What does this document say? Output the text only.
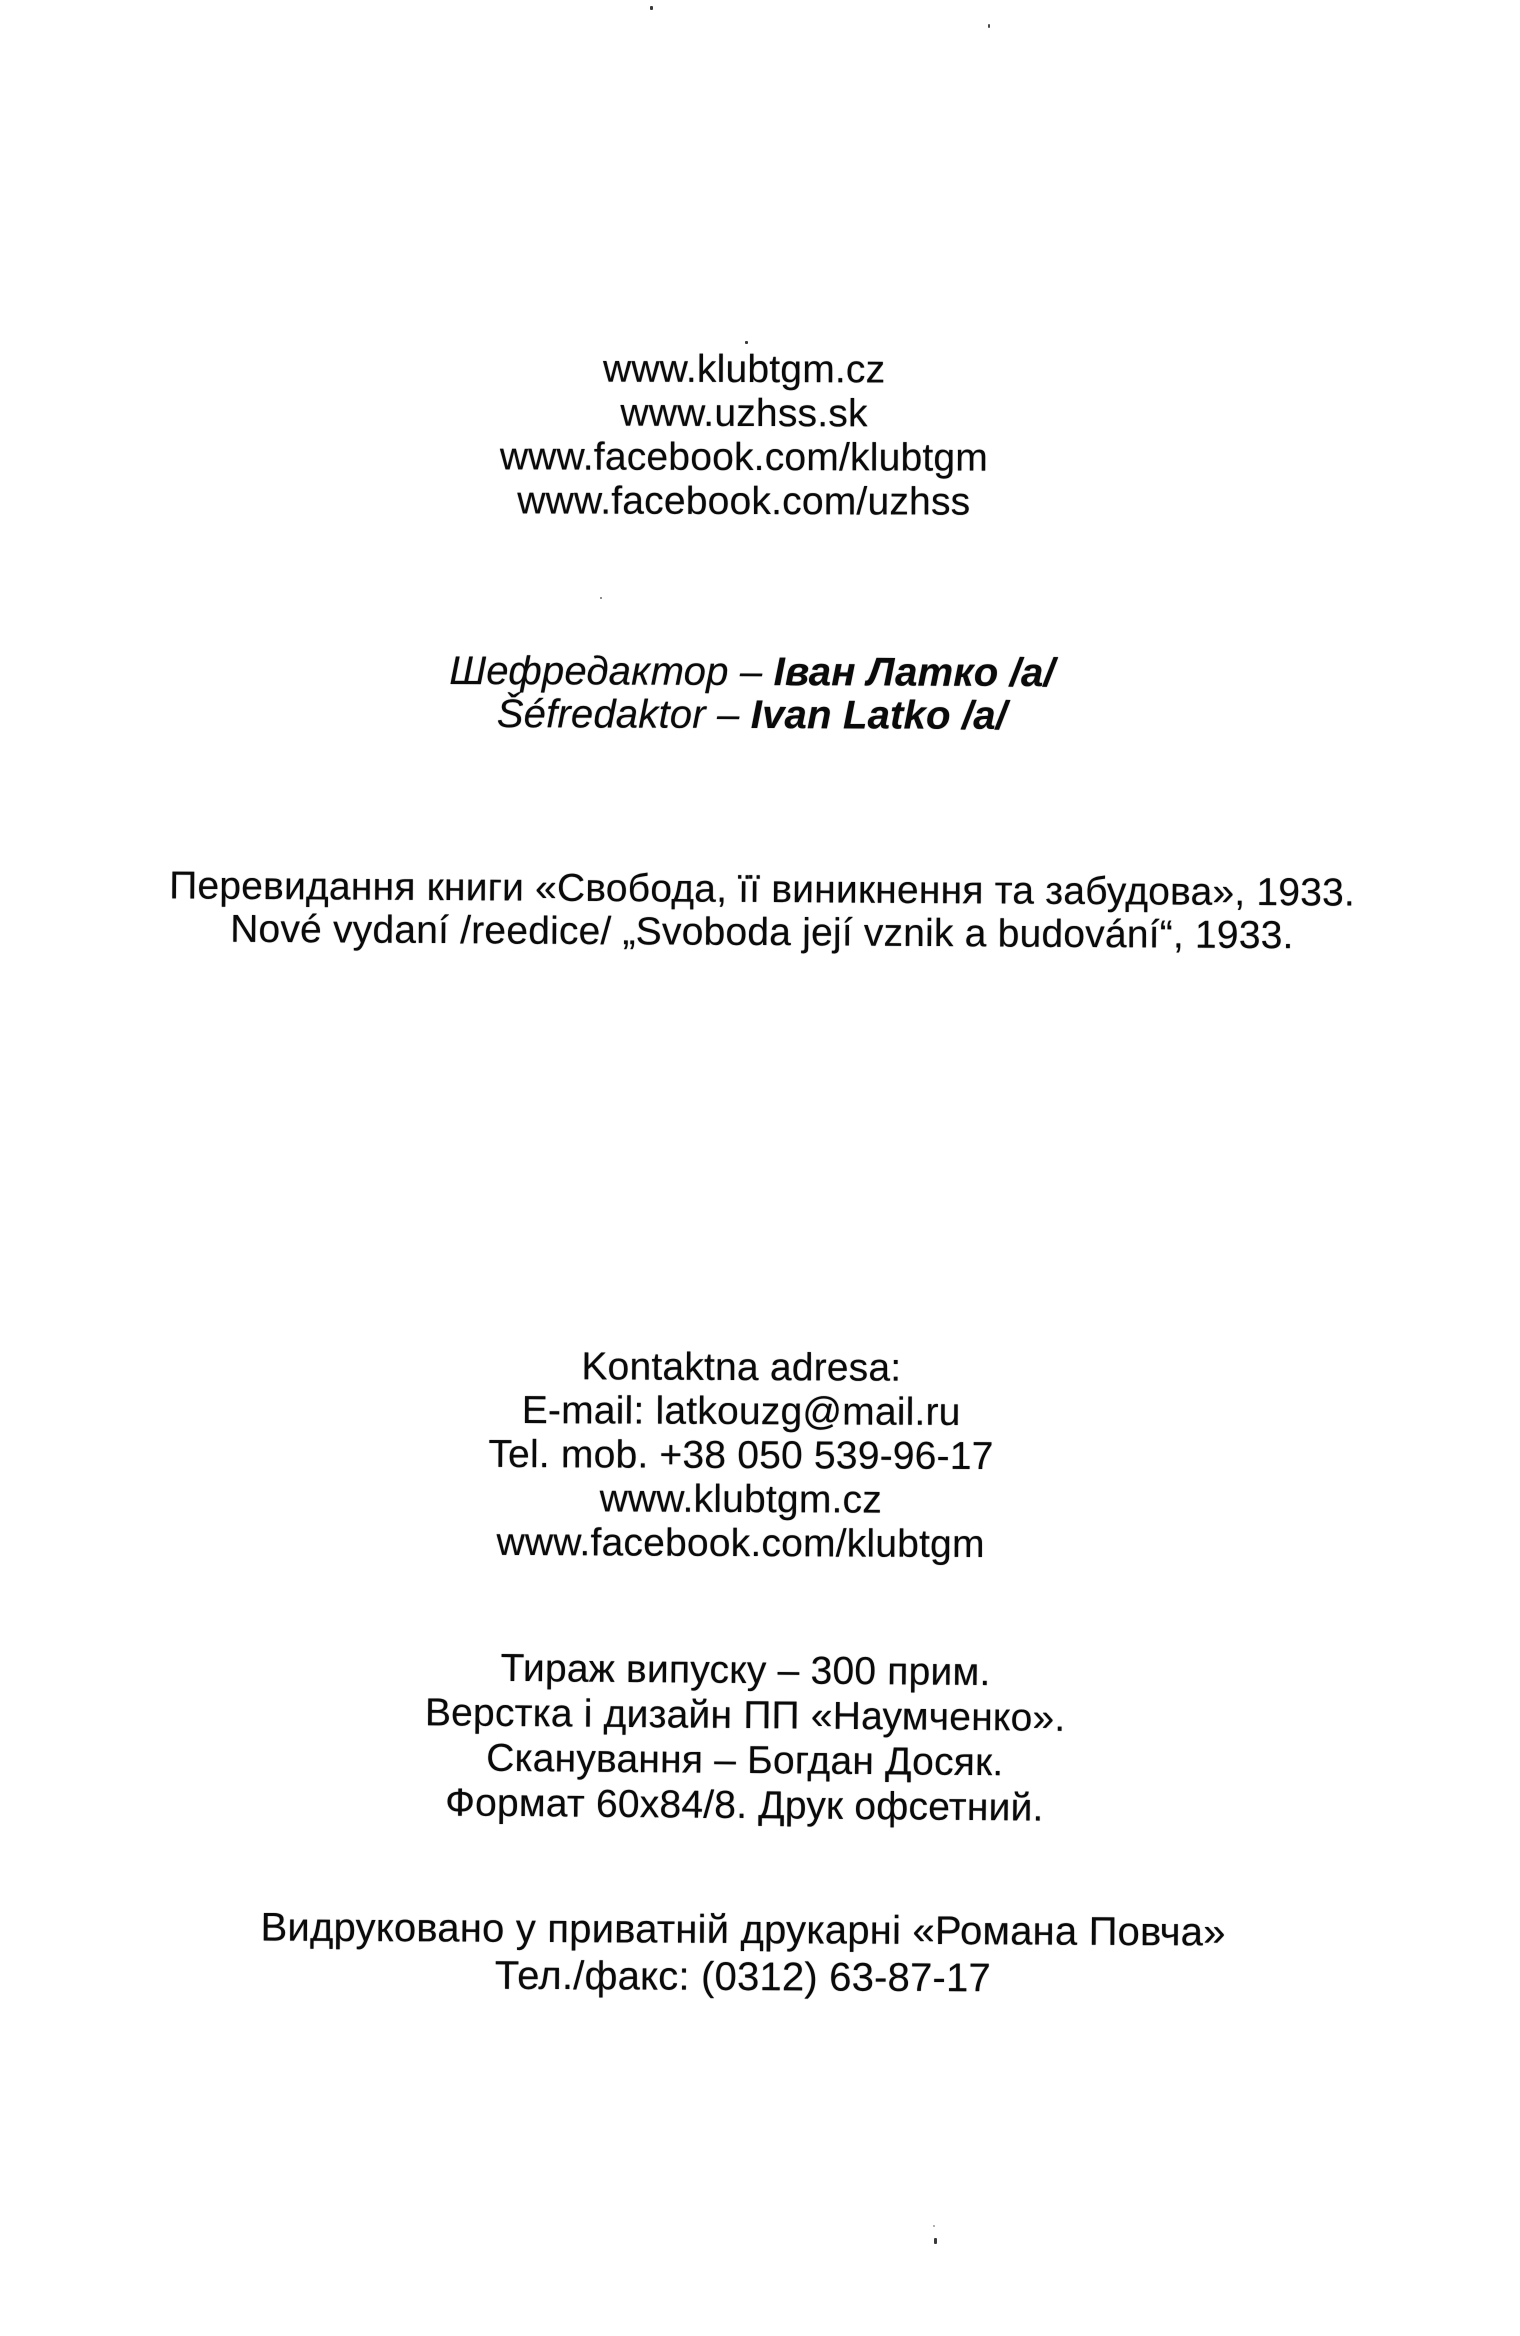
www.klubtgm.cz
www.uzhss.sk
www.facebook.com/klubtgm
www.facebook.com/uzhss
Шефредактор – Іван Латко /а/
Šéfredaktor – Ivan Latko /a/
Перевидання книги «Свобода, її виникнення та забудова», 1933.
Nové vydaní /reedice/ „Svoboda její vznik a budování“, 1933.
Kontaktna adresa:
E-mail: latkouzg@mail.ru
Tel. mob. +38 050 539-96-17
www.klubtgm.cz
www.facebook.com/klubtgm
Тираж випуску – 300 прим.
Верстка і дизайн ПП «Наумченко».
Сканування – Богдан Досяк.
Формат 60х84/8. Друк офсетний.
Видруковано у приватній друкарні «Романа Повча»
Тел./факс: (0312) 63-87-17
